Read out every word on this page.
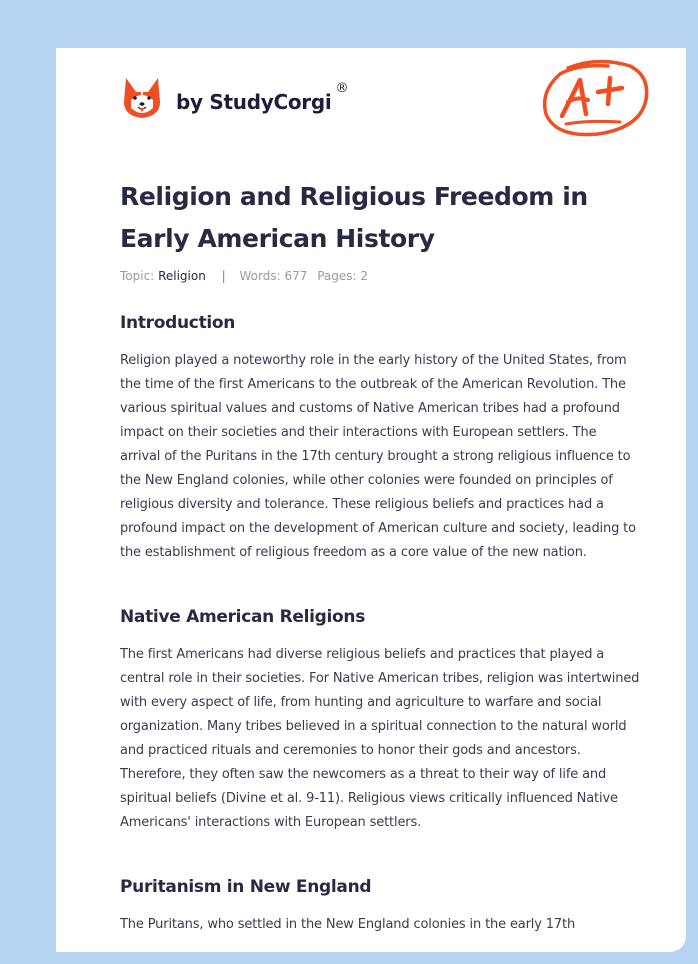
by StudyCorgi
®
Religion and Religious Freedom in Early American History
Topic: Religion | Words: 677 Pages: 2
Introduction

Religion played a noteworthy role in the early history of the United States, from the time of the first Americans to the outbreak of the American Revolution. The various spiritual values and customs of Native American tribes had a profound impact on their societies and their interactions with European settlers. The arrival of the Puritans in the 17th century brought a strong religious influence to the New England colonies, while other colonies were founded on principles of religious diversity and tolerance. These religious beliefs and practices had a profound impact on the development of American culture and society, leading to the establishment of religious freedom as a core value of the new nation.

Native American Religions

The first Americans had diverse religious beliefs and practices that played a central role in their societies. For Native American tribes, religion was intertwined with every aspect of life, from hunting and agriculture to warfare and social organization. Many tribes believed in a spiritual connection to the natural world and practiced rituals and ceremonies to honor their gods and ancestors. Therefore, they often saw the newcomers as a threat to their way of life and spiritual beliefs (Divine et al. 9-11). Religious views critically influenced Native Americans' interactions with European settlers.

Puritanism in New England

The Puritans, who settled in the New England colonies in the early 17th
